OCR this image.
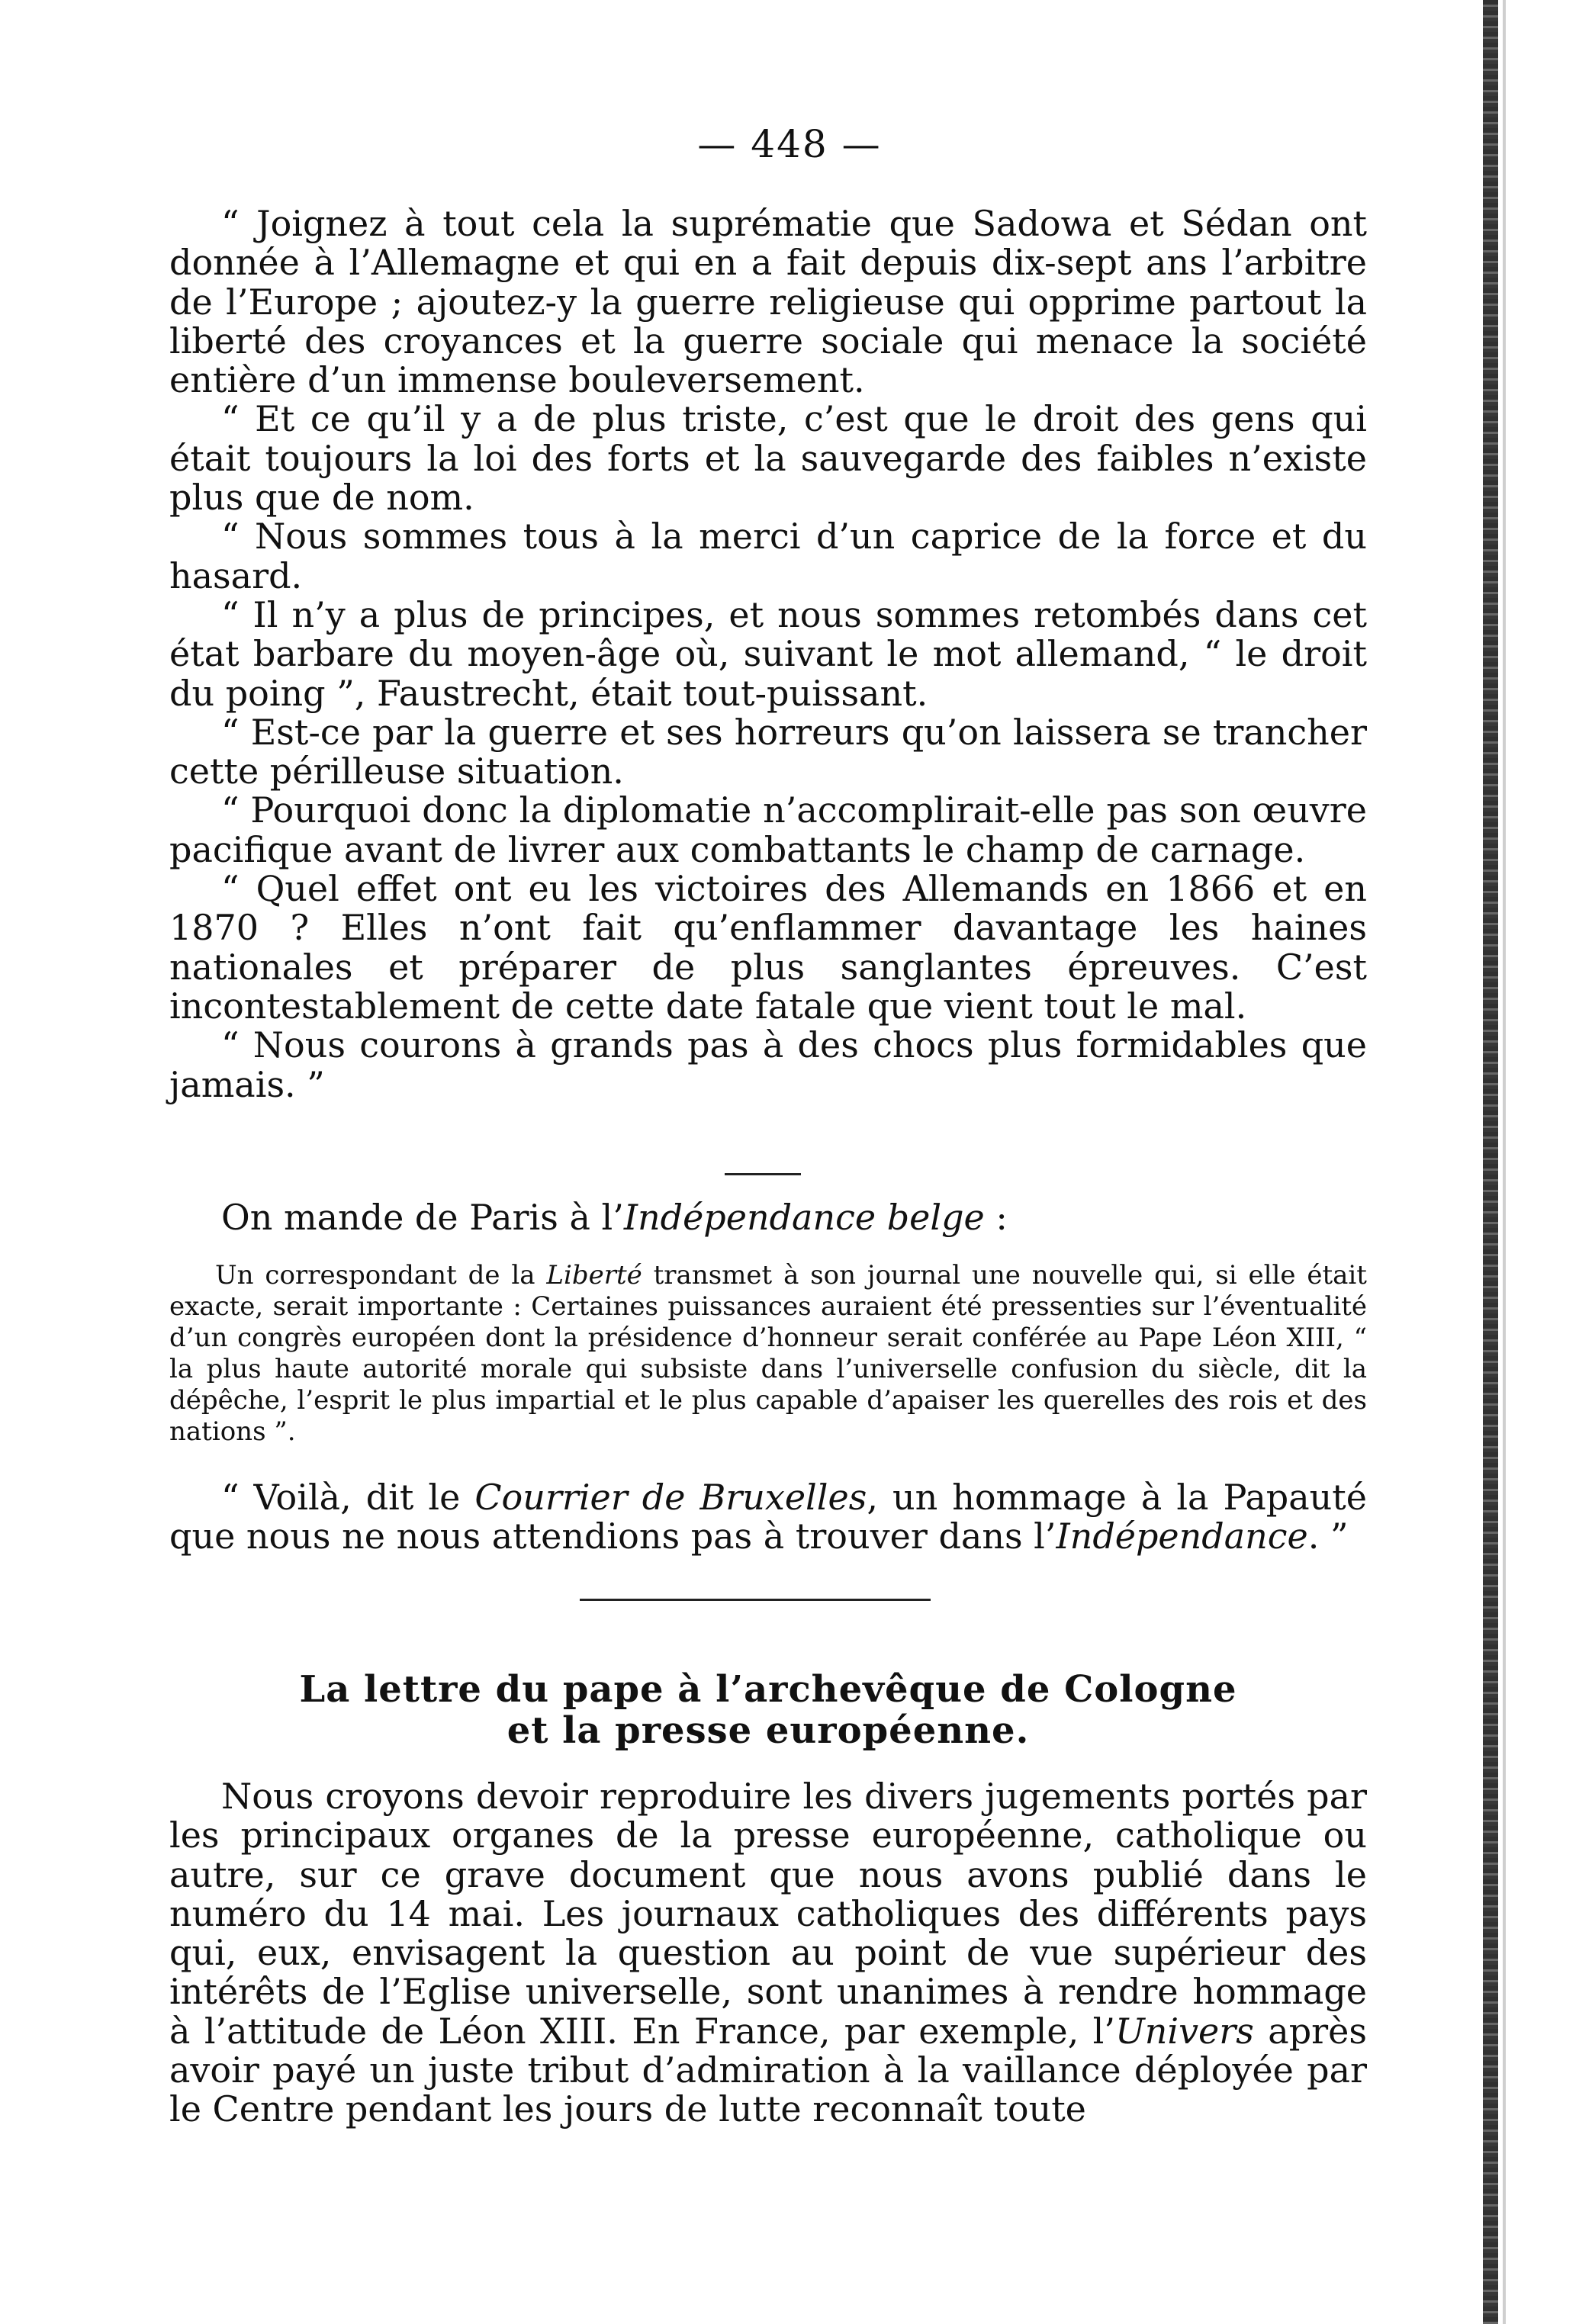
— 448 —

“ Joignez à tout cela la suprématie que Sadowa et Sédan ont donnée à l’Allemagne et qui en a fait depuis dix-sept ans l’arbitre de l’Europe ; ajoutez-y la guerre religieuse qui opprime partout la liberté des croyances et la guerre sociale qui menace la société entière d’un immense bouleversement.

“ Et ce qu’il y a de plus triste, c’est que le droit des gens qui était toujours la loi des forts et la sauvegarde des faibles n’existe plus que de nom.

“ Nous sommes tous à la merci d’un caprice de la force et du hasard.

“ Il n’y a plus de principes, et nous sommes retombés dans cet état barbare du moyen-âge où, suivant le mot allemand, “ le droit du poing ”, Faustrecht, était tout-puissant.

“ Est-ce par la guerre et ses horreurs qu’on laissera se trancher cette périlleuse situation.

“ Pourquoi donc la diplomatie n’accomplirait-elle pas son œuvre pacifique avant de livrer aux combattants le champ de carnage.

“ Quel effet ont eu les victoires des Allemands en 1866 et en 1870 ? Elles n’ont fait qu’enflammer davantage les haines nationales et préparer de plus sanglantes épreuves. C’est incontestablement de cette date fatale que vient tout le mal.

“ Nous courons à grands pas à des chocs plus formidables que jamais. ”

On mande de Paris à l’Indépendance belge :

Un correspondant de la Liberté transmet à son journal une nouvelle qui, si elle était exacte, serait importante : Certaines puissances auraient été pressenties sur l’éventualité d’un congrès européen dont la présidence d’honneur serait conférée au Pape Léon XIII, “ la plus haute autorité morale qui subsiste dans l’universelle confusion du siècle, dit la dépêche, l’esprit le plus impartial et le plus capable d’apaiser les querelles des rois et des nations ”.

“ Voilà, dit le Courrier de Bruxelles, un hommage à la Papauté que nous ne nous attendions pas à trouver dans l’Indépendance. ”

La lettre du pape à l’archevêque de Cologne
et la presse européenne.

Nous croyons devoir reproduire les divers jugements portés par les principaux organes de la presse européenne, catholique ou autre, sur ce grave document que nous avons publié dans le numéro du 14 mai. Les journaux catholiques des différents pays qui, eux, envisagent la question au point de vue supérieur des intérêts de l’Eglise universelle, sont unanimes à rendre hommage à l’attitude de Léon XIII. En France, par exemple, l’Univers après avoir payé un juste tribut d’admiration à la vaillance déployée par le Centre pendant les jours de lutte reconnaît toute
